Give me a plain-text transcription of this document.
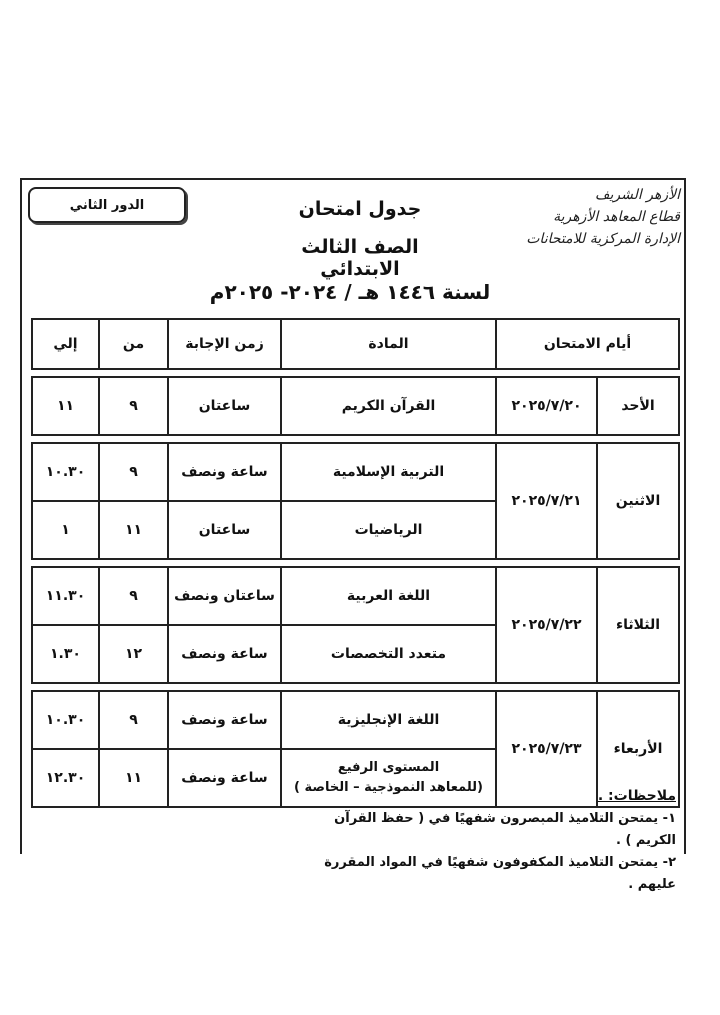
الأزهر الشريف
قطاع المعاهد الأزهرية
الإدارة المركزية للامتحانات
الدور الثاني	جدول امتحان
الصف الثالث الابتدائي
لسنة ١٤٤٦ هـ / ٢٠٢٤- ٢٠٢٥م
أيام الامتحان		المادة	زمن الإجابة	من	إلي

الأحد	٢٠٢٥/٧/٢٠	القرآن الكريم	ساعتان	٩	١١

الاثنين	٢٠٢٥/٧/٢١	التربية الإسلامية	ساعة ونصف	٩	١٠.٣٠
		الرياضيات	ساعتان	١١	١

الثلاثاء	٢٠٢٥/٧/٢٢	اللغة العربية	ساعتان ونصف	٩	١١.٣٠
		متعدد التخصصات	ساعة ونصف	١٢	١.٣٠

الأربعاء	٢٠٢٥/٧/٢٣	اللغة الإنجليزية	ساعة ونصف	٩	١٠.٣٠

		المستوى الرفيع
(للمعاهد النموذجية – الخاصة )	ساعة ونصف	١١	١٢.٣٠
ملاحظات: .
١- يمتحن التلاميذ المبصرون شفهيًا في ( حفظ القرآن الكريم ) .
٢- يمتحن التلاميذ المكفوفون شفهيًا في المواد المقررة عليهم .
